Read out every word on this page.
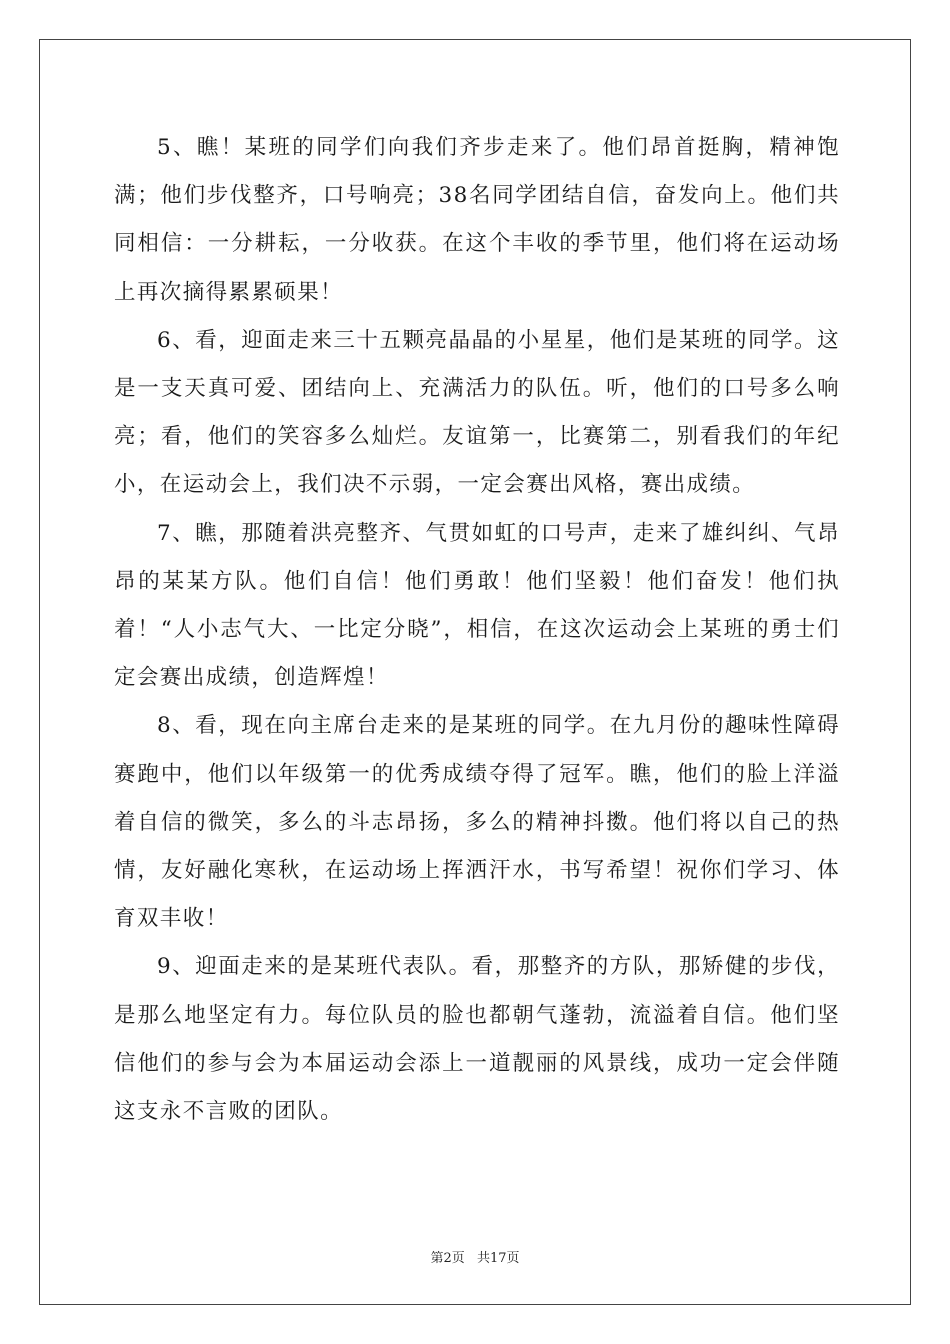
5、瞧！某班的同学们向我们齐步走来了。他们昂首挺胸，精神饱满；他们步伐整齐，口号响亮；38名同学团结自信，奋发向上。他们共同相信：一分耕耘，一分收获。在这个丰收的季节里，他们将在运动场上再次摘得累累硕果！

6、看，迎面走来三十五颗亮晶晶的小星星，他们是某班的同学。这是一支天真可爱、团结向上、充满活力的队伍。听，他们的口号多么响亮；看，他们的笑容多么灿烂。友谊第一，比赛第二，别看我们的年纪小，在运动会上，我们决不示弱，一定会赛出风格，赛出成绩。

7、瞧，那随着洪亮整齐、气贯如虹的口号声，走来了雄纠纠、气昂昂的某某方队。他们自信！他们勇敢！他们坚毅！他们奋发！他们执着！“人小志气大、一比定分晓”，相信，在这次运动会上某班的勇士们定会赛出成绩，创造辉煌！

8、看，现在向主席台走来的是某班的同学。在九月份的趣味性障碍赛跑中，他们以年级第一的优秀成绩夺得了冠军。瞧，他们的脸上洋溢着自信的微笑，多么的斗志昂扬，多么的精神抖擞。他们将以自己的热情，友好融化寒秋，在运动场上挥洒汗水，书写希望！祝你们学习、体育双丰收！

9、迎面走来的是某班代表队。看，那整齐的方队，那矫健的步伐，是那么地坚定有力。每位队员的脸也都朝气蓬勃，流溢着自信。他们坚信他们的参与会为本届运动会添上一道靓丽的风景线，成功一定会伴随这支永不言败的团队。

第2页 共17页
